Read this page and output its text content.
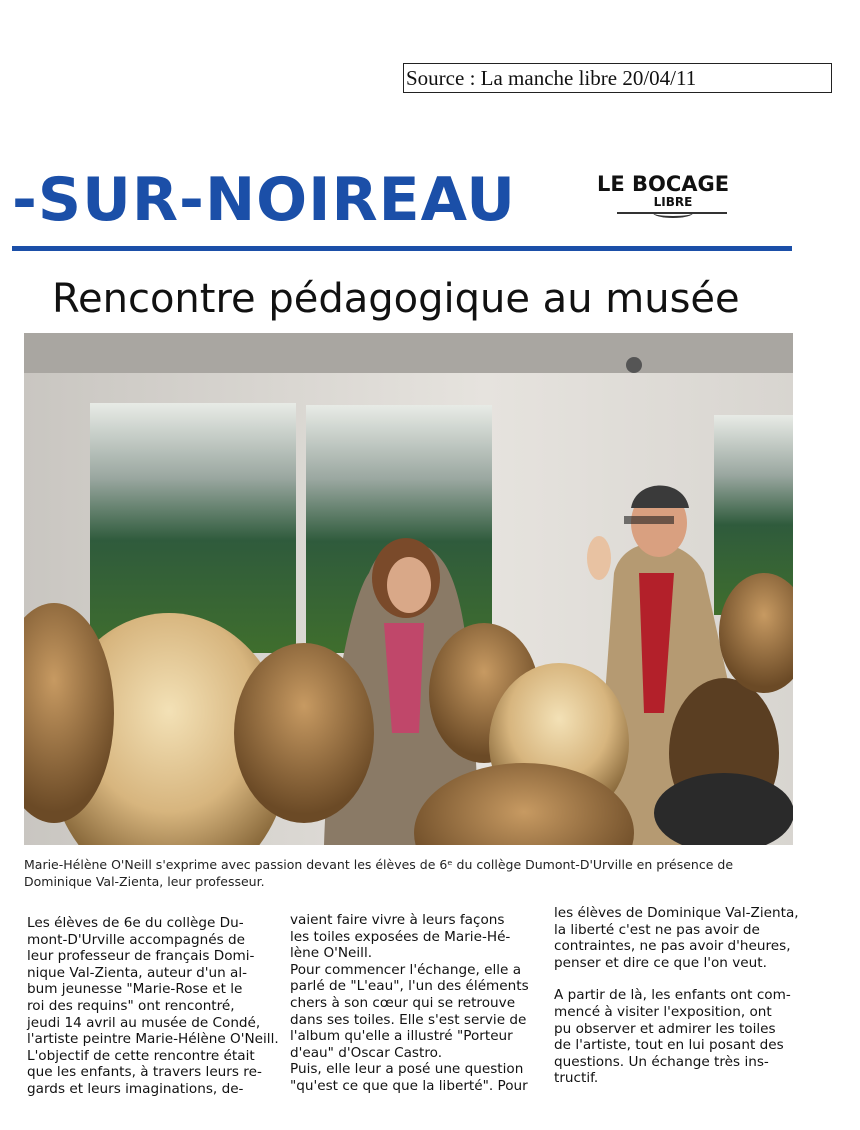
Source : La manche libre 20/04/11
-SUR-NOIREAU	LE BOCAGE
LIBRE
Rencontre pédagogique au musée
Marie-Hélène O'Neill s'exprime avec passion devant les élèves de 6ᵉ du collège Dumont-D'Urville en présence de
Dominique Val-Zienta, leur professeur.

Les élèves de 6e du collège Du-

mont-D'Urville accompagnés de

leur professeur de français Domi-

nique Val-Zienta, auteur d'un al-

bum jeunesse "Marie-Rose et le

roi des requins" ont rencontré,

jeudi 14 avril au musée de Condé,

l'artiste peintre Marie-Hélène O'Neill.

L'objectif de cette rencontre était

que les enfants, à travers leurs re-

gards et leurs imaginations, de-

vaient faire vivre à leurs façons

les toiles exposées de Marie-Hé-

lène O'Neill.

Pour commencer l'échange, elle a

parlé de "L'eau", l'un des éléments

chers à son cœur qui se retrouve

dans ses toiles. Elle s'est servie de

l'album qu'elle a illustré "Porteur

d'eau" d'Oscar Castro.

Puis, elle leur a posé une question

"qu'est ce que que la liberté". Pour

les élèves de Dominique Val-Zienta,

la liberté c'est ne pas avoir de

contraintes, ne pas avoir d'heures,

penser et dire ce que l'on veut.

A partir de là, les enfants ont com-

mencé à visiter l'exposition, ont

pu observer et admirer les toiles

de l'artiste, tout en lui posant des

questions. Un échange très ins-

tructif.
